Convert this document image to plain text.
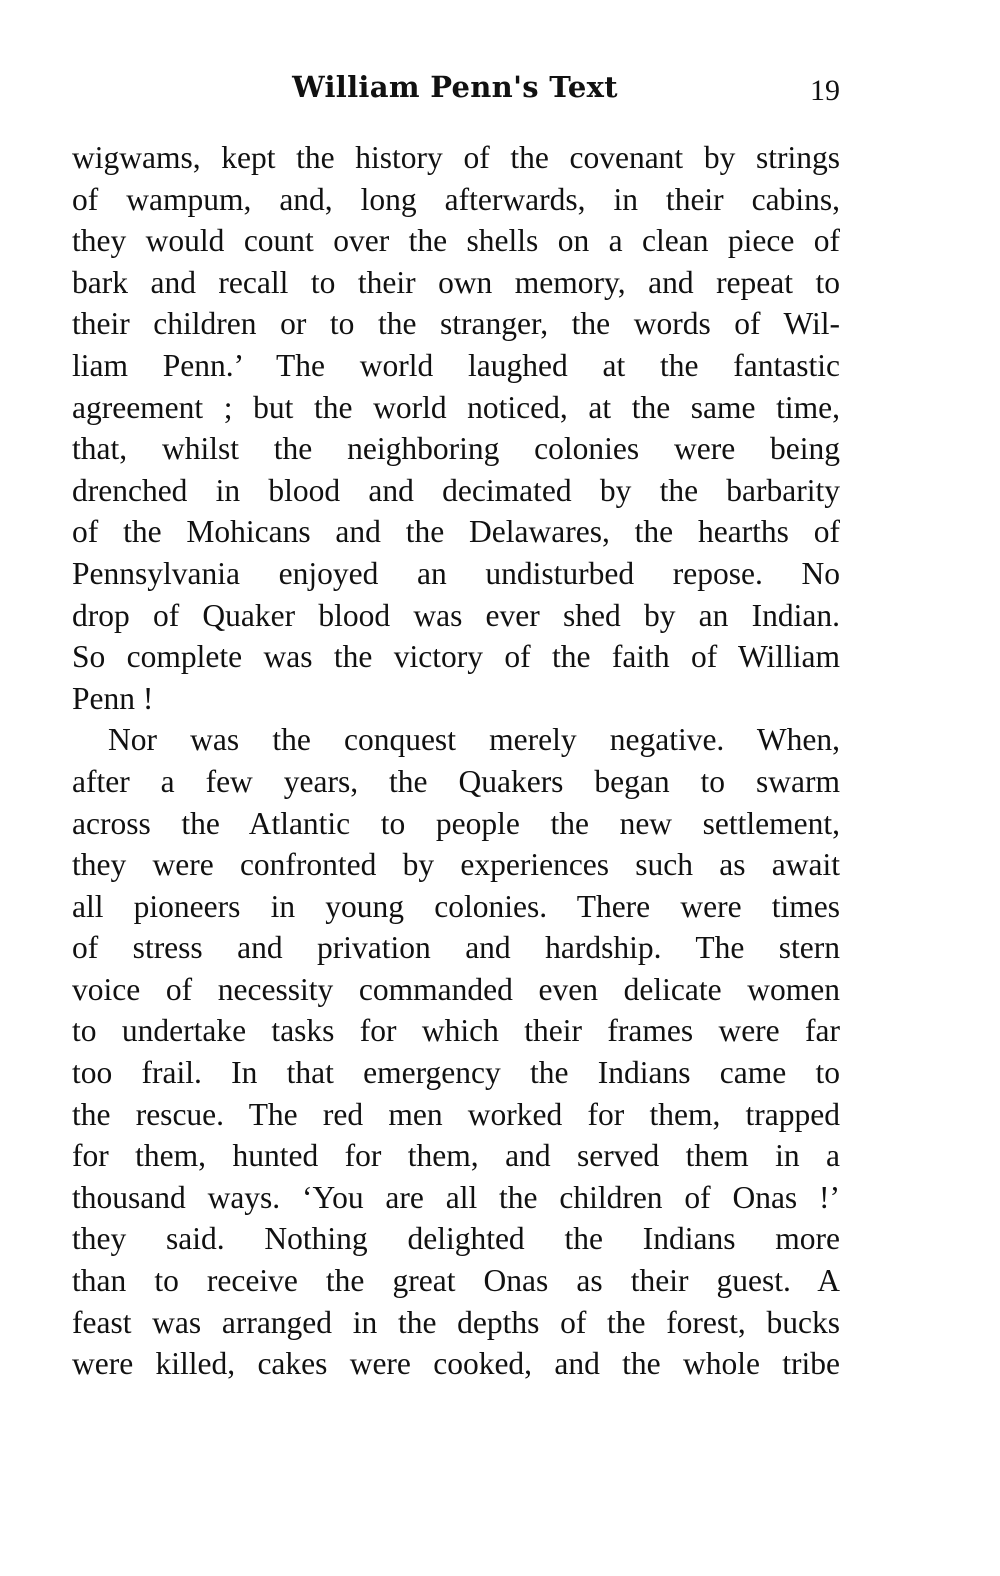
William Penn's Text	19
wigwams, kept the history of the covenant by strings
of wampum, and, long afterwards, in their cabins,
they would count over the shells on a clean piece of
bark and recall to their own memory, and repeat to
their children or to the stranger, the words of Wil-
liam Penn.’ The world laughed at the fantastic
agreement ; but the world noticed, at the same time,
that, whilst the neighboring colonies were being
drenched in blood and decimated by the barbarity
of the Mohicans and the Delawares, the hearths of
Pennsylvania enjoyed an undisturbed repose. No
drop of Quaker blood was ever shed by an Indian.
So complete was the victory of the faith of William
Penn !
Nor was the conquest merely negative. When,
after a few years, the Quakers began to swarm
across the Atlantic to people the new settlement,
they were confronted by experiences such as await
all pioneers in young colonies. There were times
of stress and privation and hardship. The stern
voice of necessity commanded even delicate women
to undertake tasks for which their frames were far
too frail. In that emergency the Indians came to
the rescue. The red men worked for them, trapped
for them, hunted for them, and served them in a
thousand ways. ‘You are all the children of Onas !’
they said. Nothing delighted the Indians more
than to receive the great Onas as their guest. A
feast was arranged in the depths of the forest, bucks
were killed, cakes were cooked, and the whole tribe
